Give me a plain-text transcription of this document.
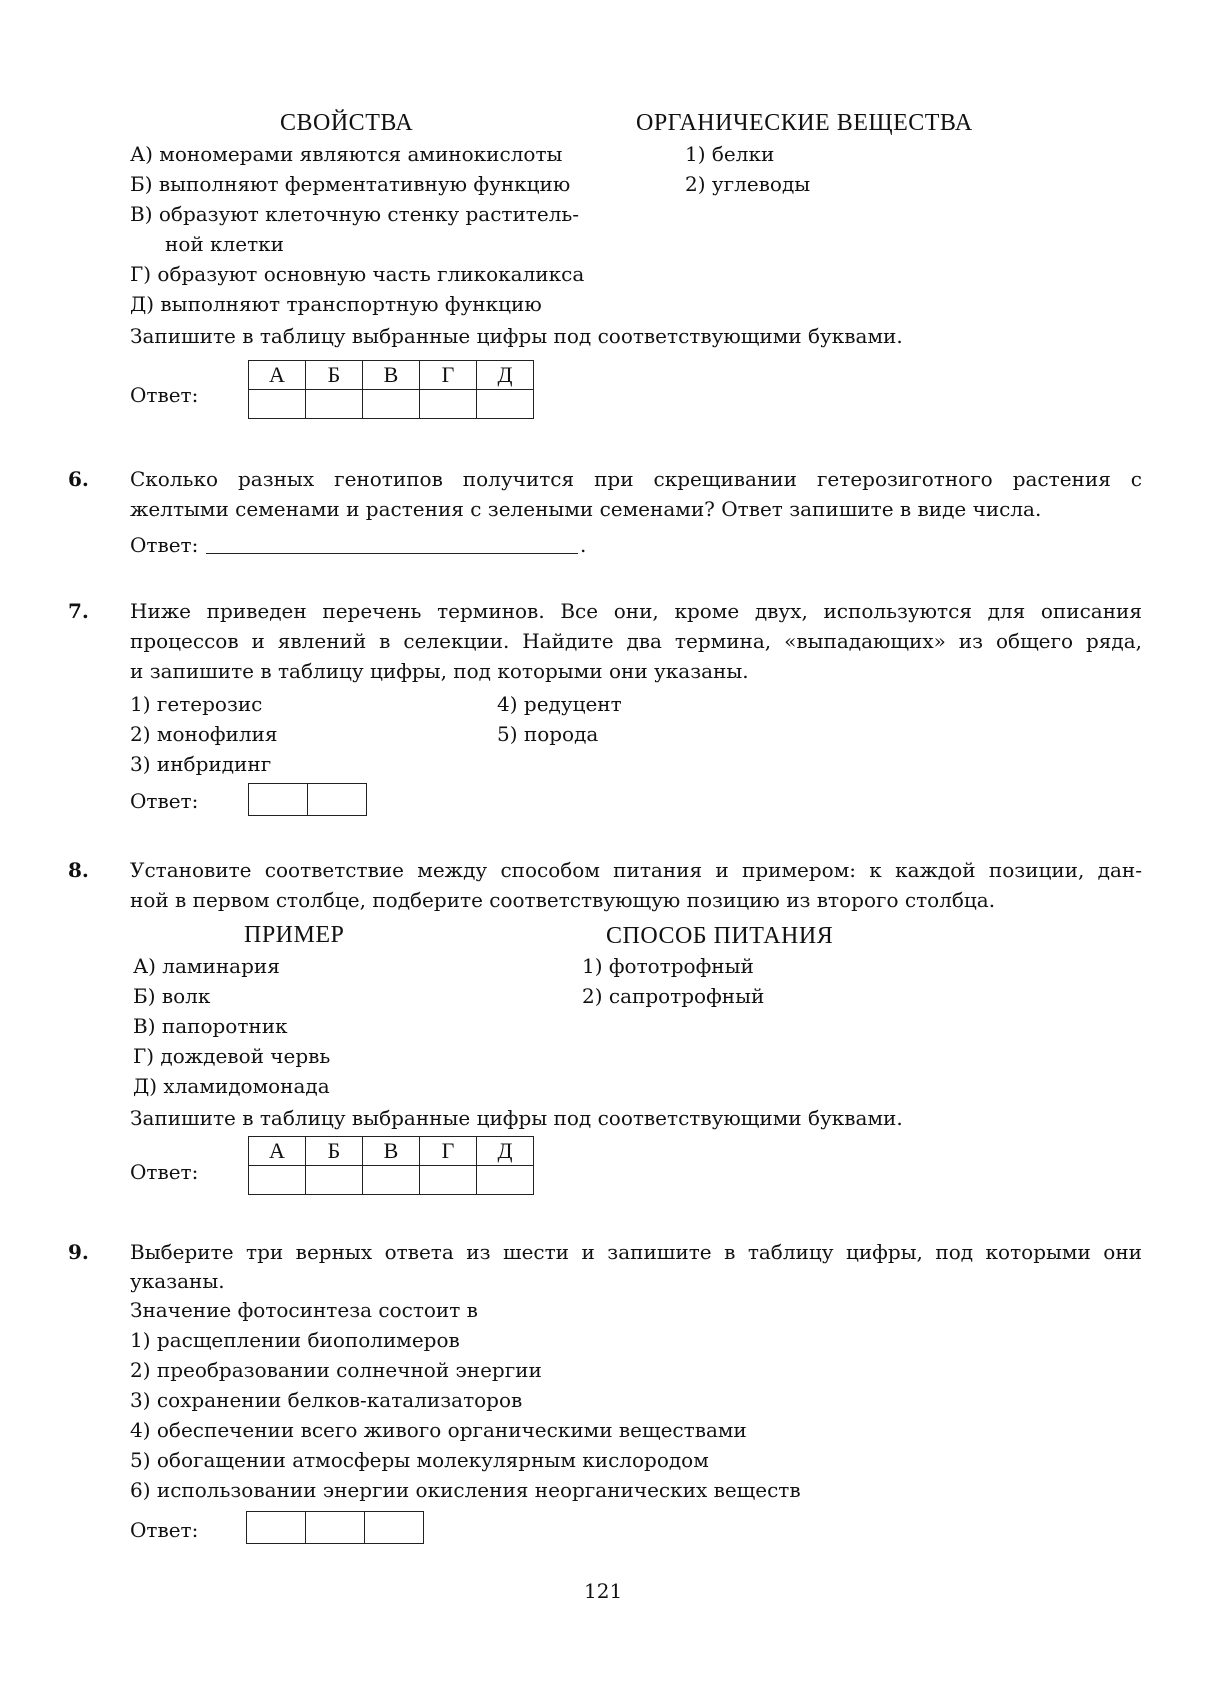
СВОЙСТВА	ОРГАНИЧЕСКИЕ ВЕЩЕСТВА
А) мономерами являются аминокислоты
Б) выполняют ферментативную функцию
В) образуют клеточную стенку раститель-
ной клетки
Г) образуют основную часть гликокаликса
Д) выполняют транспортную функцию
1) белки
2) углеводы
Запишите в таблицу выбранные цифры под соответствующими буквами.
Ответ:
А	Б	В	Г	Д

6. Сколько разных генотипов получится при скрещивании гетерозиготного растения с
желтыми семенами и растения с зелеными семенами? Ответ запишите в виде числа.
Ответ:	.
7. Ниже приведен перечень терминов. Все они, кроме двух, используются для описания
процессов и явлений в селекции. Найдите два термина, «выпадающих» из общего ряда,
и запишите в таблицу цифры, под которыми они указаны.
1) гетерозис
2) монофилия
3) инбридинг
4) редуцент
5) порода
Ответ:
8. Установите соответствие между способом питания и примером: к каждой позиции, дан-
ной в первом столбце, подберите соответствующую позицию из второго столбца.
ПРИМЕР	СПОСОБ ПИТАНИЯ
А) ламинария
Б) волк
В) папоротник
Г) дождевой червь
Д) хламидомонада
1) фототрофный
2) сапротрофный
Запишите в таблицу выбранные цифры под соответствующими буквами.
Ответ:
А	Б	В	Г	Д

9. Выберите три верных ответа из шести и запишите в таблицу цифры, под которыми они
указаны.
Значение фотосинтеза состоит в
1) расщеплении биополимеров
2) преобразовании солнечной энергии
3) сохранении белков-катализаторов
4) обеспечении всего живого органическими веществами
5) обогащении атмосферы молекулярным кислородом
6) использовании энергии окисления неорганических веществ
Ответ:
121
